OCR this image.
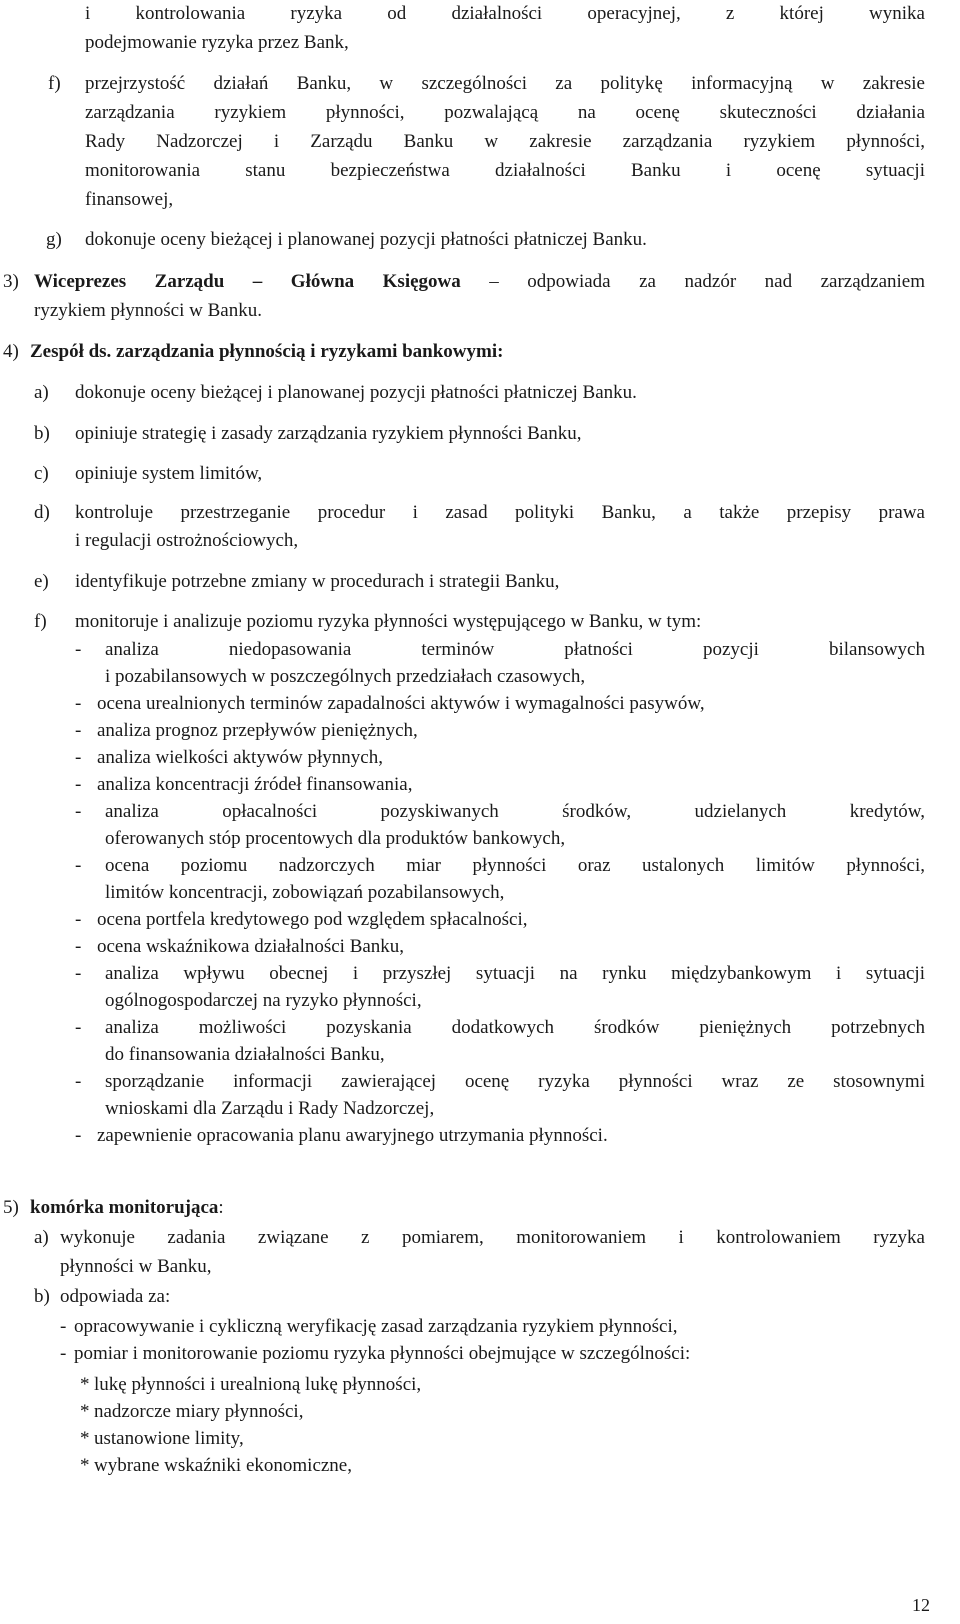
i kontrolowania ryzyka od działalności operacyjnej, z której wynika
podejmowanie ryzyka przez Bank,
f) przejrzystość działań Banku, w szczególności za politykę informacyjną w zakresie
zarządzania ryzykiem płynności, pozwalającą na ocenę skuteczności działania
Rady Nadzorczej i Zarządu Banku w zakresie zarządzania ryzykiem płynności,
monitorowania stanu bezpieczeństwa działalności Banku i ocenę sytuacji
finansowej,
g) dokonuje oceny bieżącej i planowanej pozycji płatności płatniczej Banku.
3) Wiceprezes Zarządu – Główna Księgowa – odpowiada za nadzór nad zarządzaniem
ryzykiem płynności w Banku.
4) Zespół ds. zarządzania płynnością i ryzykami bankowymi:
a) dokonuje oceny bieżącej i planowanej pozycji płatności płatniczej Banku.
b) opiniuje strategię i zasady zarządzania ryzykiem płynności Banku,
c) opiniuje system limitów,
d) kontroluje przestrzeganie procedur i zasad polityki Banku, a także przepisy prawa
i regulacji ostrożnościowych,
e) identyfikuje potrzebne zmiany w procedurach i strategii Banku,
f) monitoruje i analizuje poziomu ryzyka płynności występującego w Banku, w tym:
-	analiza niedopasowania terminów płatności pozycji bilansowych
i pozabilansowych w poszczególnych przedziałach czasowych,
- ocena urealnionych terminów zapadalności aktywów i wymagalności pasywów,
- analiza prognoz przepływów pieniężnych,
- analiza wielkości aktywów płynnych,
- analiza koncentracji źródeł finansowania,
-	analiza opłacalności pozyskiwanych środków, udzielanych kredytów,
oferowanych stóp procentowych dla produktów bankowych,
-	ocena poziomu nadzorczych miar płynności oraz ustalonych limitów płynności,
limitów koncentracji, zobowiązań pozabilansowych,
- ocena portfela kredytowego pod względem spłacalności,
- ocena wskaźnikowa działalności Banku,
-	analiza wpływu obecnej i przyszłej sytuacji na rynku międzybankowym i sytuacji
ogólnogospodarczej na ryzyko płynności,
-	analiza możliwości pozyskania dodatkowych środków pieniężnych potrzebnych
do finansowania działalności Banku,
-	sporządzanie informacji zawierającej ocenę ryzyka płynności wraz ze stosownymi
wnioskami dla Zarządu i Rady Nadzorczej,
- zapewnienie opracowania planu awaryjnego utrzymania płynności.
5) komórka monitorująca:
a) wykonuje zadania związane z pomiarem, monitorowaniem i kontrolowaniem ryzyka
płynności w Banku,
b) odpowiada za:
- opracowywanie i cykliczną weryfikację zasad zarządzania ryzykiem płynności,
- pomiar i monitorowanie poziomu ryzyka płynności obejmujące w szczególności:
* lukę płynności i urealnioną lukę płynności,
* nadzorcze miary płynności,
* ustanowione limity,
* wybrane wskaźniki ekonomiczne,
12
